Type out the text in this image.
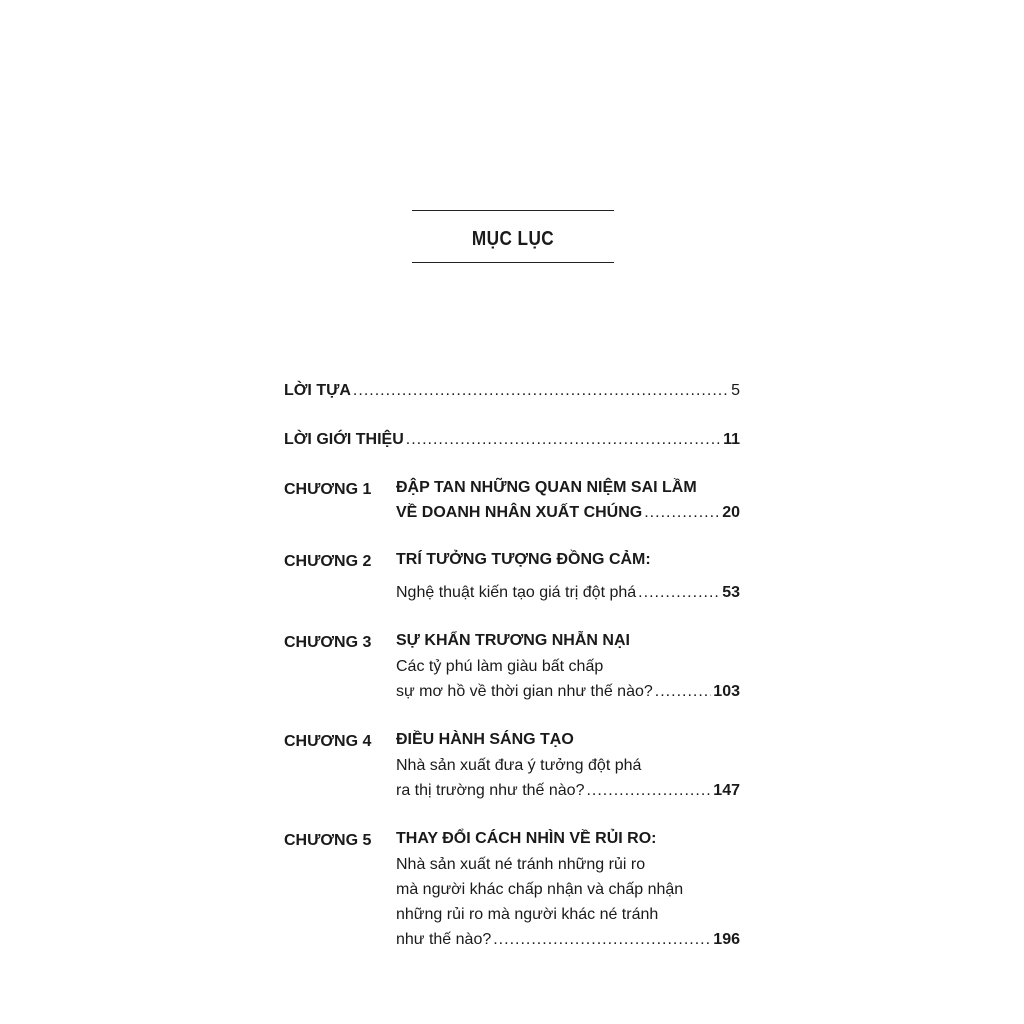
MỤC LỤC
LỜI TỰA .....	5
LỜI GIỚI THIỆU .....	11
CHƯƠNG 1 ĐẬP TAN NHỮNG QUAN NIỆM SAI LẦM
VỀ DOANH NHÂN XUẤT CHÚNG .....	20
CHƯƠNG 2 TRÍ TƯỞNG TƯỢNG ĐỒNG CẢM:
Nghệ thuật kiến tạo giá trị đột phá .....	53
CHƯƠNG 3 SỰ KHẨN TRƯƠNG NHẪN NẠI
Các tỷ phú làm giàu bất chấp
sự mơ hồ về thời gian như thế nào? .....	103
CHƯƠNG 4 ĐIỀU HÀNH SÁNG TẠO
Nhà sản xuất đưa ý tưởng đột phá
ra thị trường như thế nào? .....	147
CHƯƠNG 5 THAY ĐỔI CÁCH NHÌN VỀ RỦI RO:
Nhà sản xuất né tránh những rủi ro
mà người khác chấp nhận và chấp nhận
những rủi ro mà người khác né tránh
như thế nào? .....	196
